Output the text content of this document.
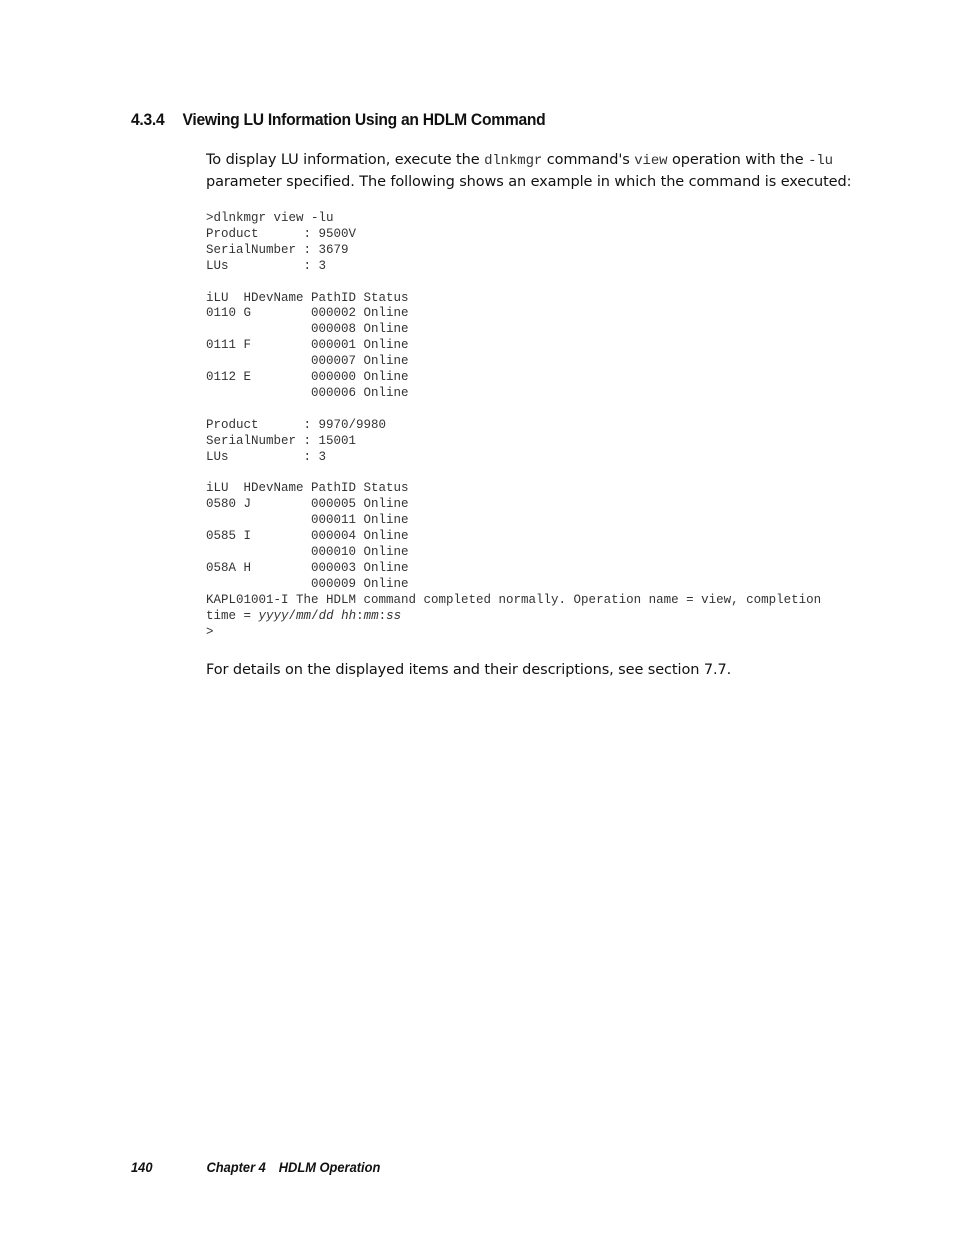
4.3.4 Viewing LU Information Using an HDLM Command

To display LU information, execute the dlnkmgr command's view operation with the -lu parameter specified. The following shows an example in which the command is executed:

>dlnkmgr view -lu
Product      : 9500V
SerialNumber : 3679
LUs          : 3

iLU  HDevName PathID Status
0110 G        000002 Online
000008 Online
0111 F        000001 Online
000007 Online
0112 E        000000 Online
000006 Online

Product      : 9970/9980
SerialNumber : 15001
LUs          : 3

iLU  HDevName PathID Status
0580 J        000005 Online
000011 Online
0585 I        000004 Online
000010 Online
058A H        000003 Online
000009 Online
KAPL01001-I The HDLM command completed normally. Operation name = view, completion
time = yyyy/mm/dd hh:mm:ss
>

For details on the displayed items and their descriptions, see section 7.7.

140	Chapter 4 HDLM Operation
